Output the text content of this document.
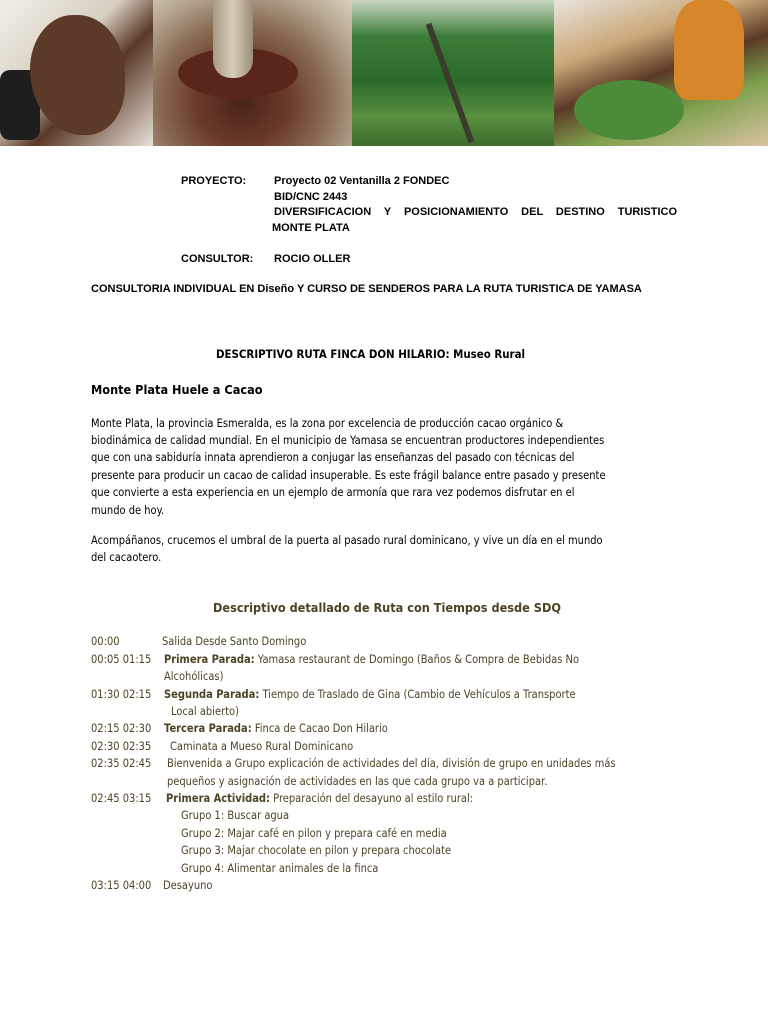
PROYECTO:	Proyecto 02 Ventanilla 2 FONDEC
BID/CNC 2443
DIVERSIFICACION Y POSICIONAMIENTO DEL DESTINO TURISTICO
MONTE PLATA
CONSULTOR: ROCIO OLLER
CONSULTORIA INDIVIDUAL EN Diseño Y CURSO DE SENDEROS PARA LA RUTA TURISTICA DE YAMASA
DESCRIPTIVO RUTA FINCA DON HILARIO: Museo Rural
Monte Plata Huele a Cacao
Monte Plata, la provincia Esmeralda, es la zona por excelencia de producción cacao orgánico &
biodinámica de calidad mundial. En el municipio de Yamasa se encuentran productores independientes
que con una sabiduría innata aprendieron a conjugar las enseñanzas del pasado con técnicas del
presente para producir un cacao de calidad insuperable. Es este frágil balance entre pasado y presente
que convierte a esta experiencia en un ejemplo de armonía que rara vez podemos disfrutar en el
mundo de hoy.
Acompáñanos, crucemos el umbral de la puerta al pasado rural dominicano, y vive un día en el mundo
del cacaotero.
Descriptivo detallado de Ruta con Tiempos desde SDQ
00:00	Salida Desde Santo Domingo
00:05 01:15 Primera Parada: Yamasa restaurant de Domingo (Baños & Compra de Bebidas No
Alcohólicas)
01:30 02:15 Segunda Parada: Tiempo de Traslado de Gina (Cambio de Vehículos a Transporte
Local abierto)
02:15 02:30 Tercera Parada: Finca de Cacao Don Hilario
02:30 02:35 Caminata a Mueso Rural Dominicano
02:35 02:45 Bienvenida a Grupo explicación de actividades del día, división de grupo en unidades más
pequeños y asignación de actividades en las que cada grupo va a participar.
02:45 03:15 Primera Actividad: Preparación del desayuno al estilo rural:
Grupo 1: Buscar agua
Grupo 2: Majar café en pilon y prepara café en media
Grupo 3: Majar chocolate en pilon y prepara chocolate
Grupo 4: Alimentar animales de la finca
03:15 04:00 Desayuno
